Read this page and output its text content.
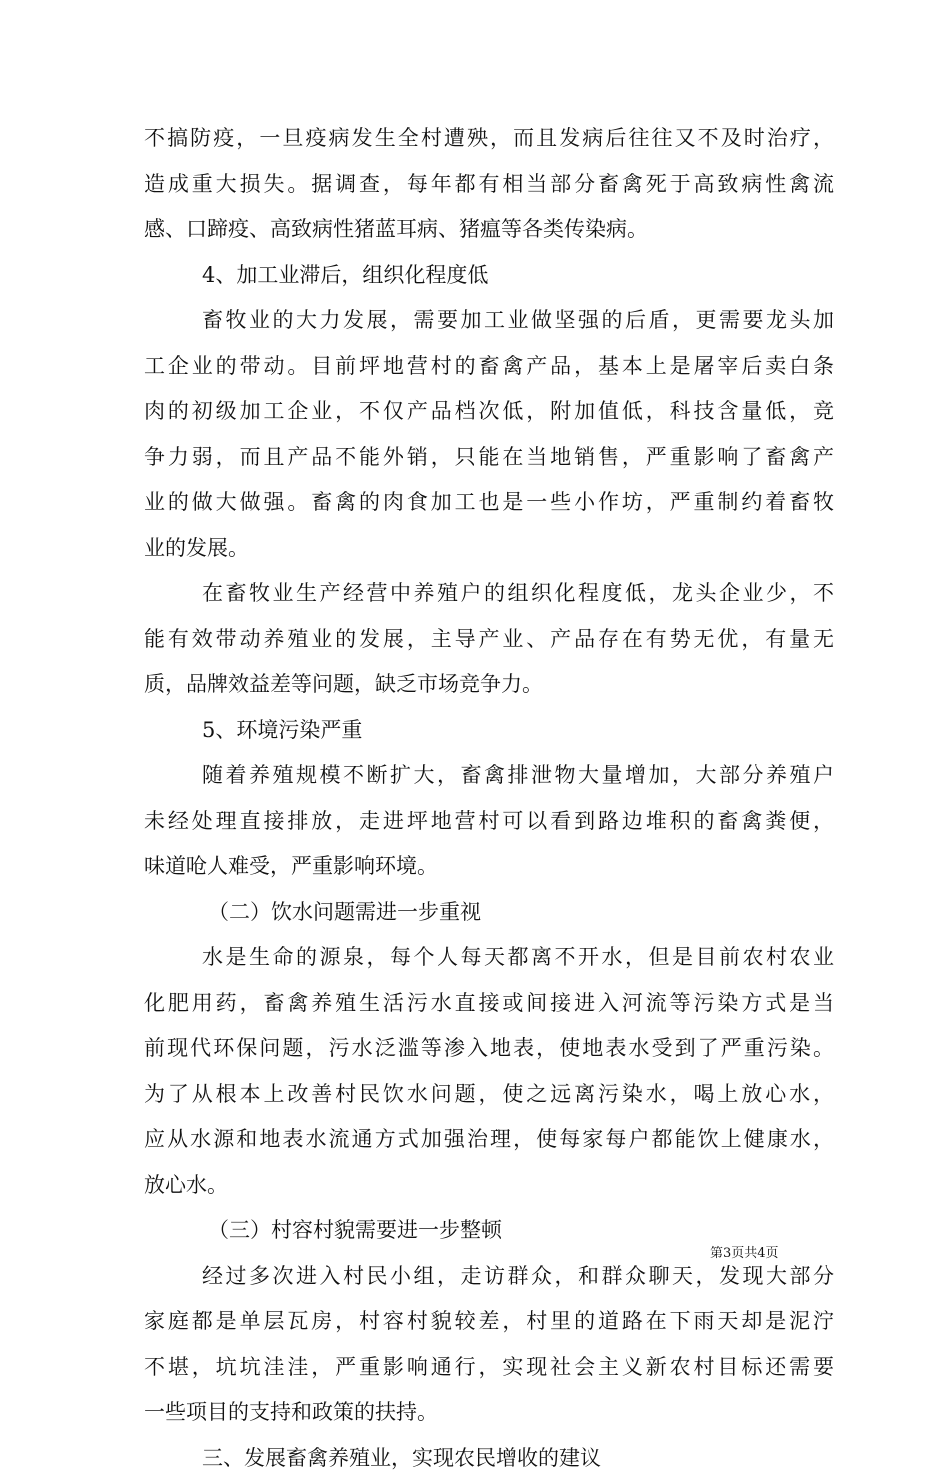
不搞防疫，一旦疫病发生全村遭殃，而且发病后往往又不及时治疗，
造成重大损失。据调查，每年都有相当部分畜禽死于高致病性禽流
感、口蹄疫、高致病性猪蓝耳病、猪瘟等各类传染病。
4、加工业滞后，组织化程度低
畜牧业的大力发展，需要加工业做坚强的后盾，更需要龙头加
工企业的带动。目前坪地营村的畜禽产品，基本上是屠宰后卖白条
肉的初级加工企业，不仅产品档次低，附加值低，科技含量低，竞
争力弱，而且产品不能外销，只能在当地销售，严重影响了畜禽产
业的做大做强。畜禽的肉食加工也是一些小作坊，严重制约着畜牧
业的发展。
在畜牧业生产经营中养殖户的组织化程度低，龙头企业少，不
能有效带动养殖业的发展，主导产业、产品存在有势无优，有量无
质，品牌效益差等问题，缺乏市场竞争力。
5、环境污染严重
随着养殖规模不断扩大，畜禽排泄物大量增加，大部分养殖户
未经处理直接排放，走进坪地营村可以看到路边堆积的畜禽粪便，
味道呛人难受，严重影响环境。
（二）饮水问题需进一步重视
水是生命的源泉，每个人每天都离不开水，但是目前农村农业
化肥用药，畜禽养殖生活污水直接或间接进入河流等污染方式是当
前现代环保问题，污水泛滥等渗入地表，使地表水受到了严重污染。
为了从根本上改善村民饮水问题，使之远离污染水，喝上放心水，
应从水源和地表水流通方式加强治理，使每家每户都能饮上健康水，
放心水。
（三）村容村貌需要进一步整顿
经过多次进入村民小组，走访群众，和群众聊天，发现大部分
家庭都是单层瓦房，村容村貌较差，村里的道路在下雨天却是泥泞
不堪，坑坑洼洼，严重影响通行，实现社会主义新农村目标还需要
一些项目的支持和政策的扶持。
三、发展畜禽养殖业，实现农民增收的建议
第3页共4页
